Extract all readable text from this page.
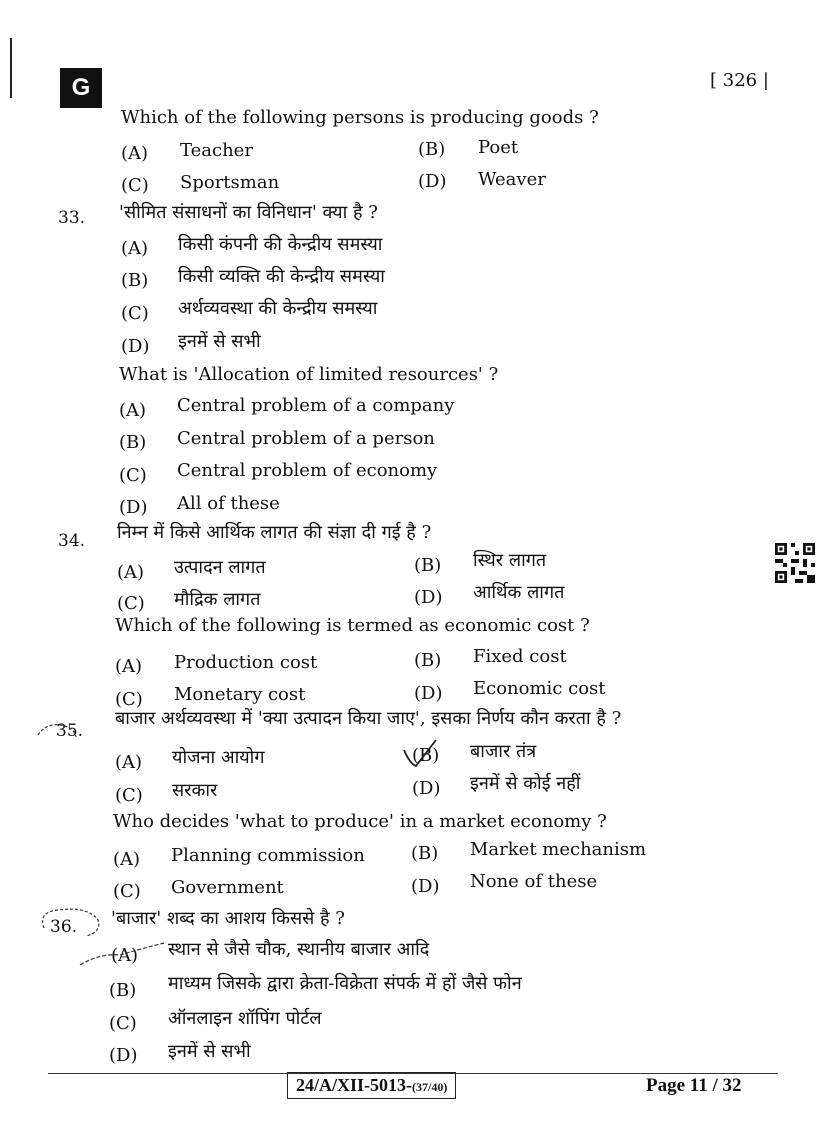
G	[ 326 |
Which of the following persons is producing goods ?
(A) Teacher	(B) Poet
(C) Sportsman	(D) Weaver
33. 'सीमित संसाधनों का विनिधान' क्या है ?
(A) किसी कंपनी की केन्द्रीय समस्या
(B) किसी व्यक्ति की केन्द्रीय समस्या
(C) अर्थव्यवस्था की केन्द्रीय समस्या
(D) इनमें से सभी
What is 'Allocation of limited resources' ?
(A) Central problem of a company
(B) Central problem of a person
(C) Central problem of economy
(D) All of these
34. निम्न में किसे आर्थिक लागत की संज्ञा दी गई है ?
(A) उत्पादन लागत	(B) स्थिर लागत
(C) मौद्रिक लागत	(D) आर्थिक लागत
Which of the following is termed as economic cost ?
(A) Production cost	(B) Fixed cost
(C) Monetary cost	(D) Economic cost
35.
बाजार अर्थव्यवस्था में 'क्या उत्पादन किया जाए', इसका निर्णय कौन करता है ?
(A) योजना आयोग	(B) बाजार तंत्र
(C) सरकार	(D) इनमें से कोई नहीं
Who decides 'what to produce' in a market economy ?
(A) Planning commission	(B) Market mechanism
(C) Government	(D) None of these
36. 'बाजार' शब्द का आशय किससे है ?
(A) स्थान से जैसे चौक, स्थानीय बाजार आदि
(B) माध्यम जिसके द्वारा क्रेता-विक्रेता संपर्क में हों जैसे फोन
(C) ऑनलाइन शॉपिंग पोर्टल
(D) इनमें से सभी
24/A/XII-5013-(37/40)	Page 11 / 32
